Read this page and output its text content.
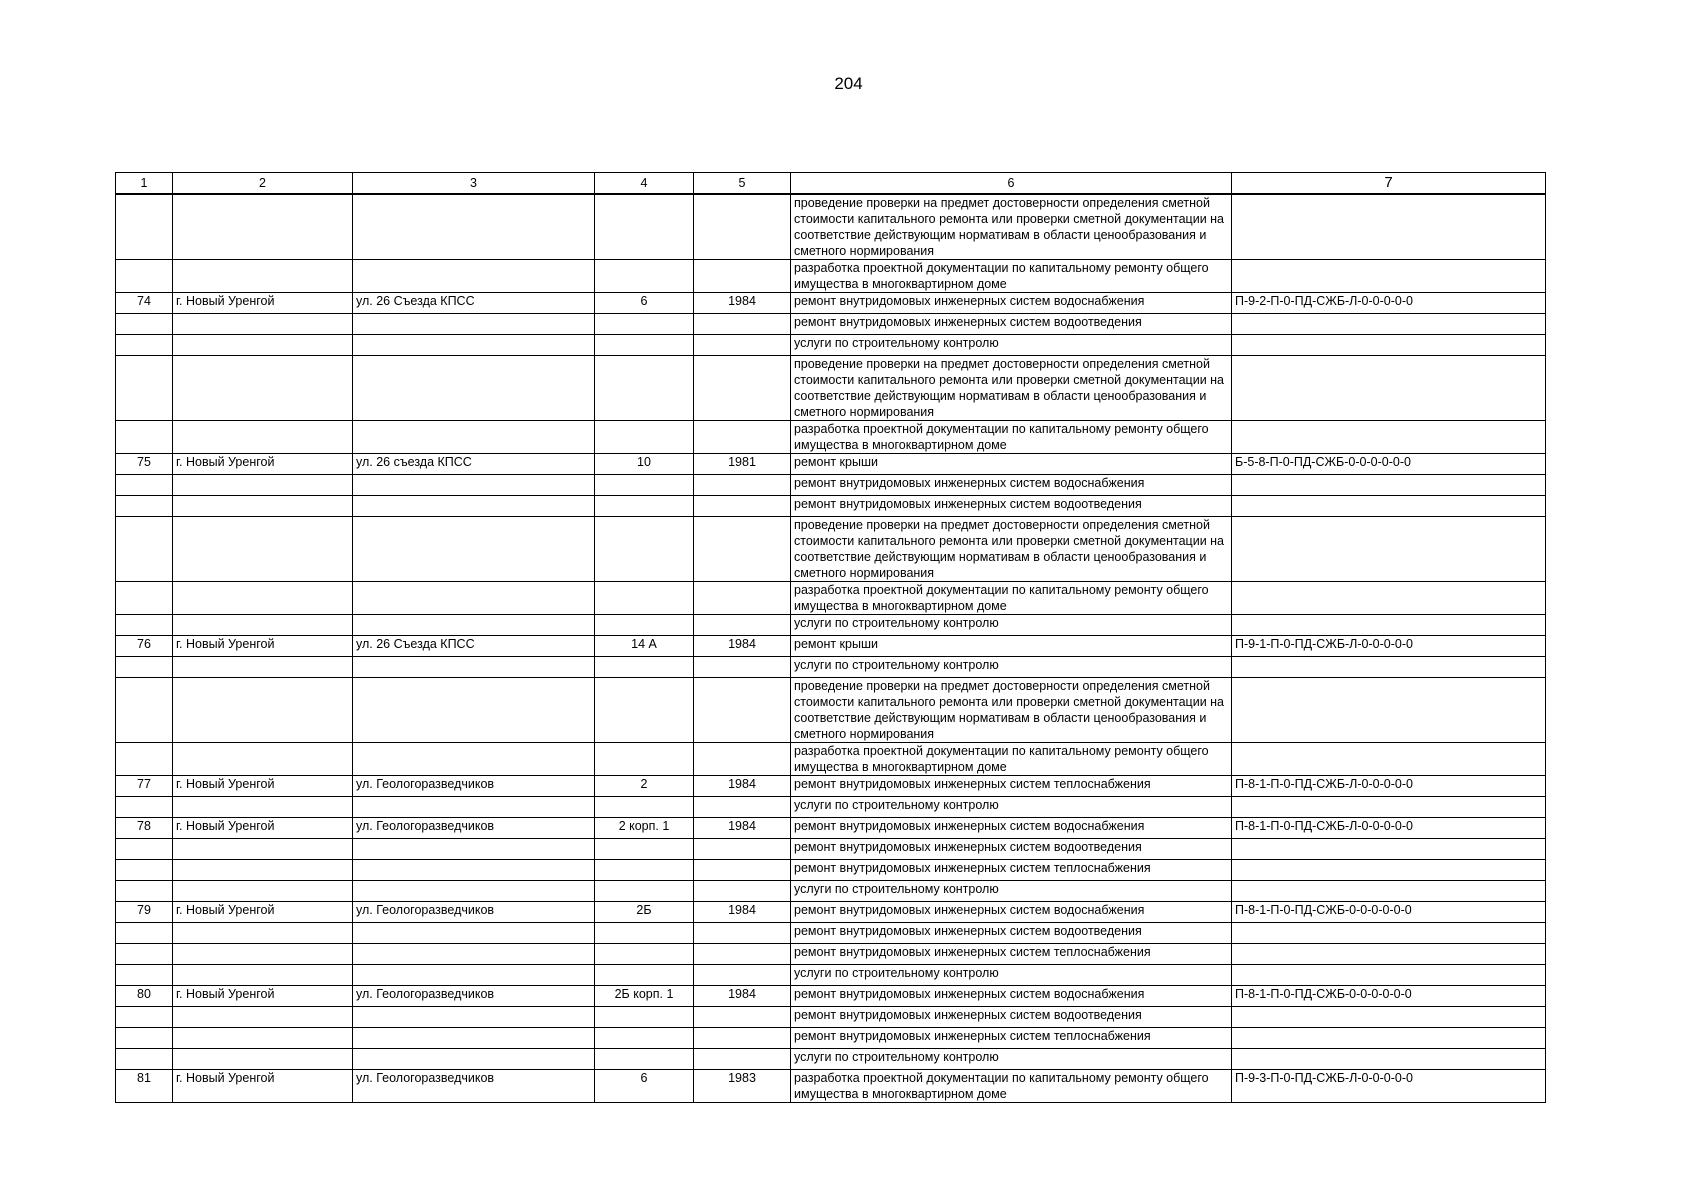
204
1	2	3	4	5	6	7
					проведение проверки на предмет достоверности определения сметной стоимости капитального ремонта или проверки сметной документации на соответствие действующим нормативам в области ценообразования и сметного нормирования	
					разработка проектной документации по капитальному ремонту общего имущества в многоквартирном доме	
74	г. Новый Уренгой	ул. 26 Съезда КПСС	6	1984	ремонт внутридомовых инженерных систем водоснабжения	П-9-2-П-0-ПД-СЖБ-Л-0-0-0-0-0
					ремонт внутридомовых инженерных систем водоотведения	
					услуги по строительному контролю	
					проведение проверки на предмет достоверности определения сметной стоимости капитального ремонта или проверки сметной документации на соответствие действующим нормативам в области ценообразования и сметного нормирования	
					разработка проектной документации по капитальному ремонту общего имущества в многоквартирном доме	
75	г. Новый Уренгой	ул. 26 съезда КПСС	10	1981	ремонт крыши	Б-5-8-П-0-ПД-СЖБ-0-0-0-0-0-0
					ремонт внутридомовых инженерных систем водоснабжения	
					ремонт внутридомовых инженерных систем водоотведения	
					проведение проверки на предмет достоверности определения сметной стоимости капитального ремонта или проверки сметной документации на соответствие действующим нормативам в области ценообразования и сметного нормирования	
					разработка проектной документации по капитальному ремонту общего имущества в многоквартирном доме	
					услуги по строительному контролю	
76	г. Новый Уренгой	ул. 26 Съезда КПСС	14 А	1984	ремонт крыши	П-9-1-П-0-ПД-СЖБ-Л-0-0-0-0-0
					услуги по строительному контролю	
					проведение проверки на предмет достоверности определения сметной стоимости капитального ремонта или проверки сметной документации на соответствие действующим нормативам в области ценообразования и сметного нормирования	
					разработка проектной документации по капитальному ремонту общего имущества в многоквартирном доме	
77	г. Новый Уренгой	ул. Геологоразведчиков	2	1984	ремонт внутридомовых инженерных систем теплоснабжения	П-8-1-П-0-ПД-СЖБ-Л-0-0-0-0-0
					услуги по строительному контролю	
78	г. Новый Уренгой	ул. Геологоразведчиков	2 корп. 1	1984	ремонт внутридомовых инженерных систем водоснабжения	П-8-1-П-0-ПД-СЖБ-Л-0-0-0-0-0
					ремонт внутридомовых инженерных систем водоотведения	
					ремонт внутридомовых инженерных систем теплоснабжения	
					услуги по строительному контролю	
79	г. Новый Уренгой	ул. Геологоразведчиков	2Б	1984	ремонт внутридомовых инженерных систем водоснабжения	П-8-1-П-0-ПД-СЖБ-0-0-0-0-0-0
					ремонт внутридомовых инженерных систем водоотведения	
					ремонт внутридомовых инженерных систем теплоснабжения	
					услуги по строительному контролю	
80	г. Новый Уренгой	ул. Геологоразведчиков	2Б корп. 1	1984	ремонт внутридомовых инженерных систем водоснабжения	П-8-1-П-0-ПД-СЖБ-0-0-0-0-0-0
					ремонт внутридомовых инженерных систем водоотведения	
					ремонт внутридомовых инженерных систем теплоснабжения	
					услуги по строительному контролю	
81	г. Новый Уренгой	ул. Геологоразведчиков	6	1983	разработка проектной документации по капитальному ремонту общего имущества в многоквартирном доме	П-9-3-П-0-ПД-СЖБ-Л-0-0-0-0-0
